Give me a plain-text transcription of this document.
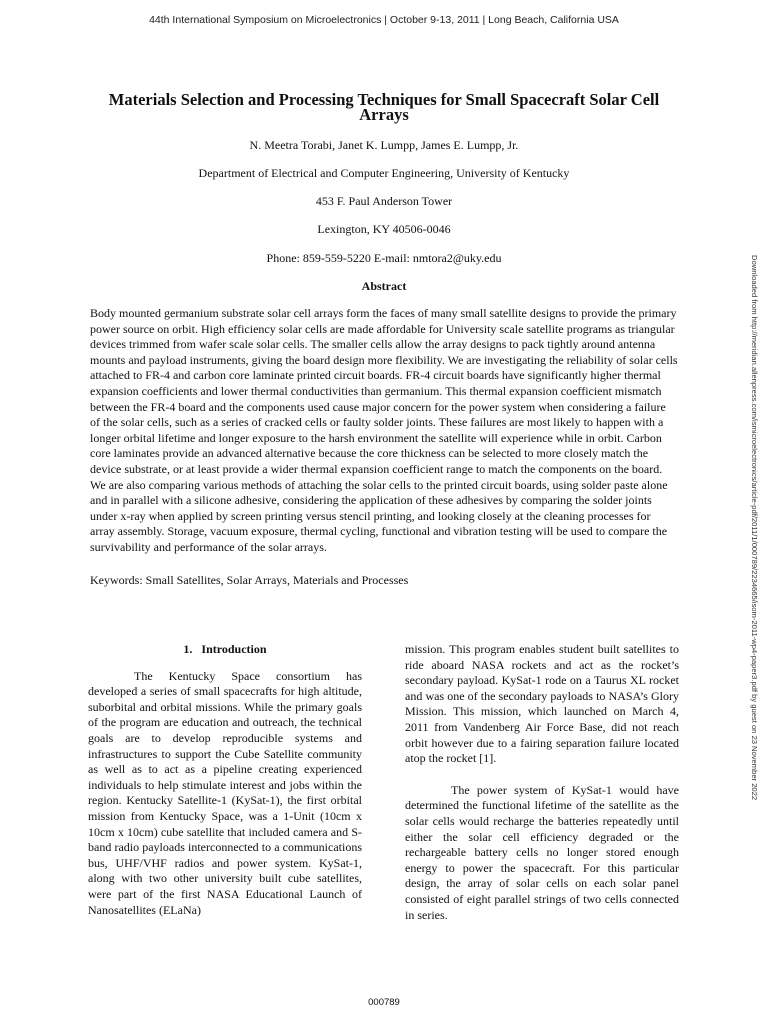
44th International Symposium on Microelectronics | October 9-13, 2011 | Long Beach, California USA
Materials Selection and Processing Techniques for Small Spacecraft Solar Cell Arrays
N. Meetra Torabi, Janet K. Lumpp, James E. Lumpp, Jr.
Department of Electrical and Computer Engineering, University of Kentucky
453 F. Paul Anderson Tower
Lexington, KY 40506-0046
Phone: 859-559-5220 E-mail: nmtora2@uky.edu
Abstract

Body mounted germanium substrate solar cell arrays form the faces of many small satellite designs to provide the primary power source on orbit. High efficiency solar cells are made affordable for University scale satellite programs as triangular devices trimmed from wafer scale solar cells. The smaller cells allow the array designs to pack tightly around antenna mounts and payload instruments, giving the board design more flexibility. We are investigating the reliability of solar cells attached to FR-4 and carbon core laminate printed circuit boards. FR-4 circuit boards have significantly higher thermal expansion coefficients and lower thermal conductivities than germanium. This thermal expansion coefficient mismatch between the FR-4 board and the components used cause major concern for the power system when considering a failure of the solar cells, such as a series of cracked cells or faulty solder joints. These failures are most likely to happen with a longer orbital lifetime and longer exposure to the harsh environment the satellite will experience while in orbit. Carbon core laminates provide an advanced alternative because the core thickness can be selected to more closely match the device substrate, or at least provide a wider thermal expansion coefficient range to match the components on the board. We are also comparing various methods of attaching the solar cells to the printed circuit boards, using solder paste alone and in parallel with a silicone adhesive, considering the application of these adhesives by comparing the solder joints under x-ray when applied by screen printing versus stencil printing, and looking closely at the cleaning processes for array assembly. Storage, vacuum exposure, thermal cycling, functional and vibration testing will be used to compare the survivability and performance of the solar arrays.

Keywords: Small Satellites, Solar Arrays, Materials and Processes

1.   Introduction

The Kentucky Space consortium has developed a series of small spacecrafts for high altitude, suborbital and orbital missions. While the primary goals of the program are education and outreach, the technical goals are to develop reproducible systems and infrastructures to support the Cube Satellite community as well as to act as a pipeline creating experienced individuals to help stimulate interest and jobs within the region. Kentucky Satellite-1 (KySat-1), the first orbital mission from Kentucky Space, was a 1-Unit (10cm x 10cm x 10cm) cube satellite that included camera and S-band radio payloads interconnected to a communications bus, UHF/VHF radios and power system. KySat-1, along with two other university built cube satellites, were part of the first NASA Educational Launch of Nanosatellites (ELaNa)

mission. This program enables student built satellites to ride aboard NASA rockets and act as the rocket’s secondary payload. KySat-1 rode on a Taurus XL rocket and was one of the secondary payloads to NASA’s Glory Mission. This mission, which launched on March 4, 2011 from Vandenberg Air Force Base, did not reach orbit however due to a fairing separation failure located atop the rocket [1].

The power system of KySat-1 would have determined the functional lifetime of the satellite as the solar cells would recharge the batteries repeatedly until either the solar cell efficiency degraded or the rechargeable battery cells no longer stored enough energy to power the spacecraft. For this particular design, the array of solar cells on each solar panel consisted of eight parallel strings of two cells connected in series.

Downloaded from http://meridian.allenpress.com/ismicroelectronics/article-pdf/2011/1/000789/2234665/isom-2011-wp4-paper3.pdf by guest on 23 November 2022
000789
